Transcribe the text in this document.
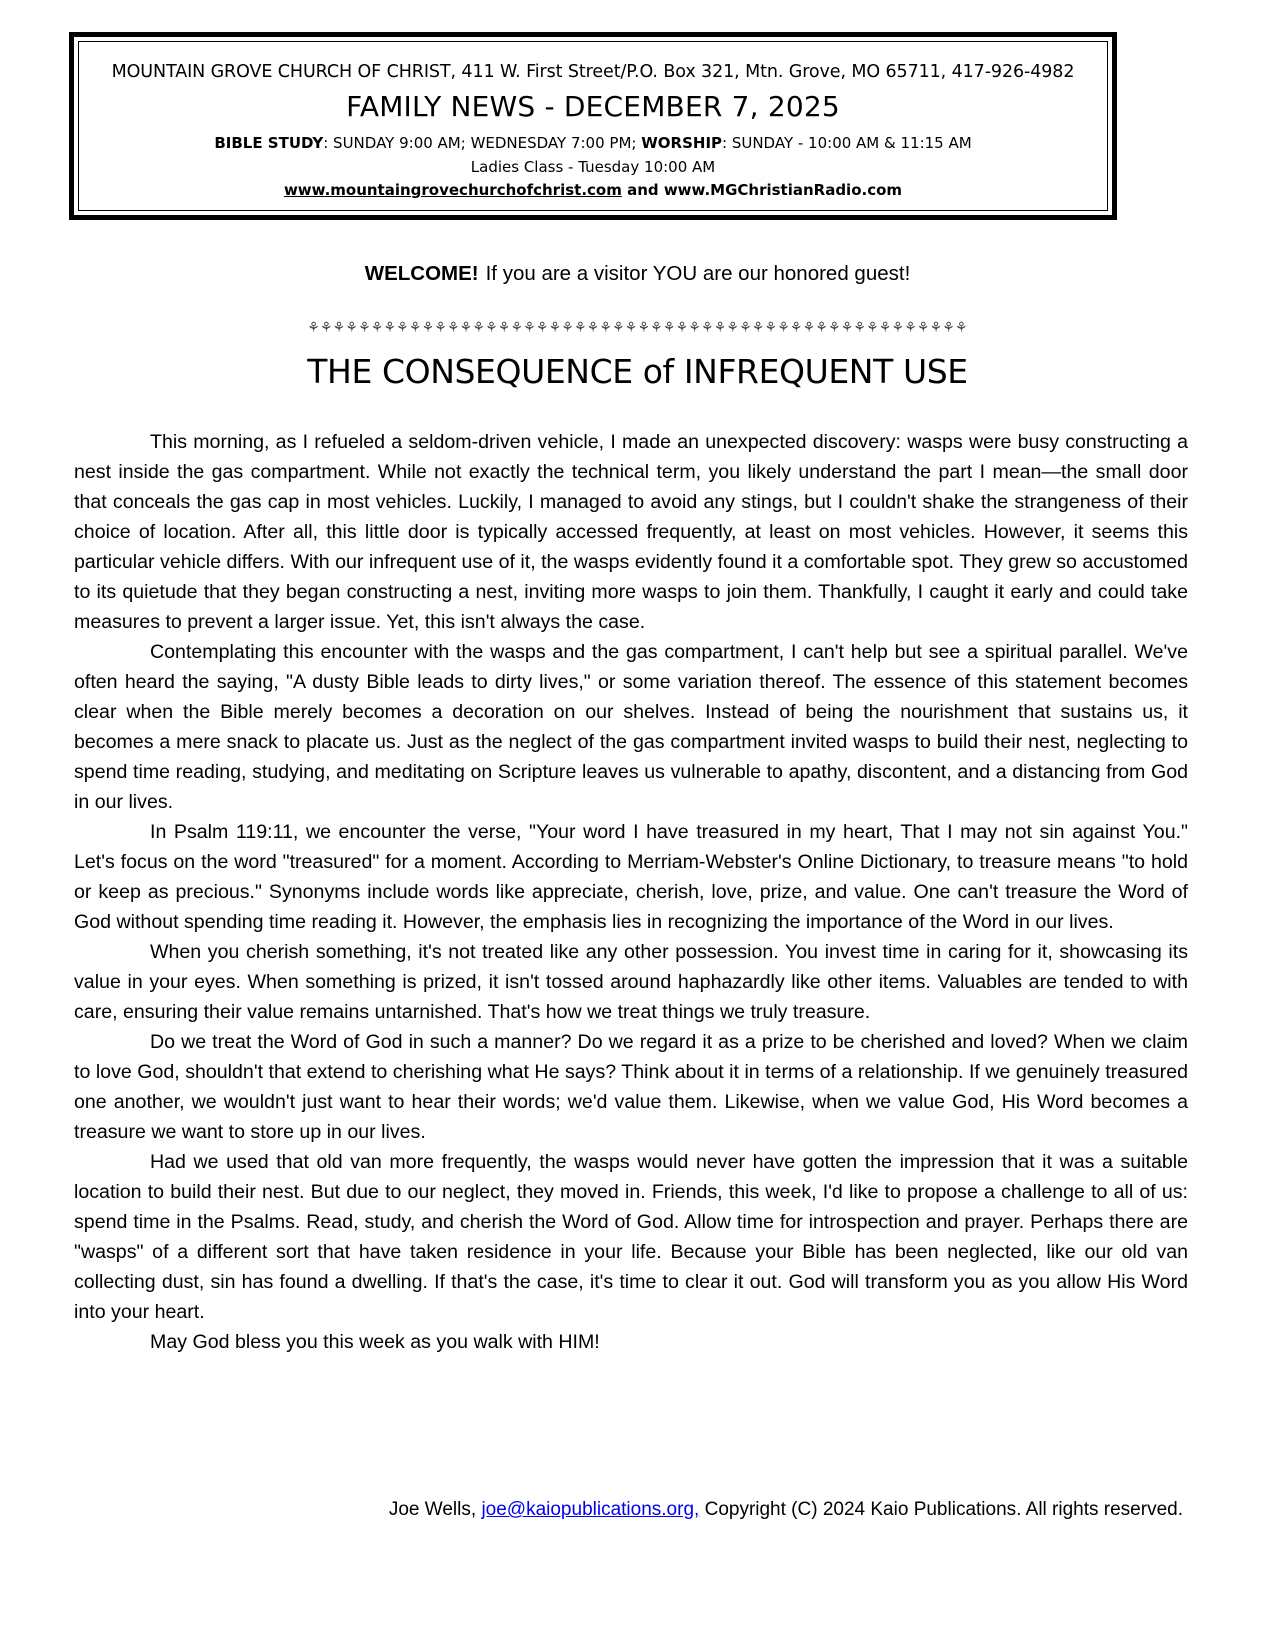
MOUNTAIN GROVE CHURCH OF CHRIST, 411 W. First Street/P.O. Box 321, Mtn. Grove, MO 65711, 417-926-4982
FAMILY NEWS - DECEMBER 7, 2025
BIBLE STUDY: SUNDAY 9:00 AM; WEDNESDAY 7:00 PM; WORSHIP: SUNDAY - 10:00 AM & 11:15 AM
Ladies Class - Tuesday 10:00 AM
www.mountaingrovechurchofchrist.com and www.MGChristianRadio.com
WELCOME! If you are a visitor YOU are our honored guest!
⚘⚘⚘⚘⚘⚘⚘⚘⚘⚘⚘⚘⚘⚘⚘⚘⚘⚘⚘⚘⚘⚘⚘⚘⚘⚘⚘⚘⚘⚘⚘⚘⚘⚘⚘⚘⚘⚘⚘⚘⚘⚘⚘⚘⚘⚘⚘⚘⚘⚘⚘⚘
THE CONSEQUENCE of INFREQUENT USE

This morning, as I refueled a seldom-driven vehicle, I made an unexpected discovery: wasps were busy constructing a nest inside the gas compartment. While not exactly the technical term, you likely understand the part I mean—the small door that conceals the gas cap in most vehicles. Luckily, I managed to avoid any stings, but I couldn't shake the strangeness of their choice of location. After all, this little door is typically accessed frequently, at least on most vehicles. However, it seems this particular vehicle differs. With our infrequent use of it, the wasps evidently found it a comfortable spot. They grew so accustomed to its quietude that they began constructing a nest, inviting more wasps to join them. Thankfully, I caught it early and could take measures to prevent a larger issue. Yet, this isn't always the case.

Contemplating this encounter with the wasps and the gas compartment, I can't help but see a spiritual parallel. We've often heard the saying, "A dusty Bible leads to dirty lives," or some variation thereof. The essence of this statement becomes clear when the Bible merely becomes a decoration on our shelves. Instead of being the nourishment that sustains us, it becomes a mere snack to placate us. Just as the neglect of the gas compartment invited wasps to build their nest, neglecting to spend time reading, studying, and meditating on Scripture leaves us vulnerable to apathy, discontent, and a distancing from God in our lives.

In Psalm 119:11, we encounter the verse, "Your word I have treasured in my heart, That I may not sin against You." Let's focus on the word "treasured" for a moment. According to Merriam-Webster's Online Dictionary, to treasure means "to hold or keep as precious." Synonyms include words like appreciate, cherish, love, prize, and value. One can't treasure the Word of God without spending time reading it. However, the emphasis lies in recognizing the importance of the Word in our lives.

When you cherish something, it's not treated like any other possession. You invest time in caring for it, showcasing its value in your eyes. When something is prized, it isn't tossed around haphazardly like other items. Valuables are tended to with care, ensuring their value remains untarnished. That's how we treat things we truly treasure.

Do we treat the Word of God in such a manner? Do we regard it as a prize to be cherished and loved? When we claim to love God, shouldn't that extend to cherishing what He says? Think about it in terms of a relationship. If we genuinely treasured one another, we wouldn't just want to hear their words; we'd value them. Likewise, when we value God, His Word becomes a treasure we want to store up in our lives.

Had we used that old van more frequently, the wasps would never have gotten the impression that it was a suitable location to build their nest. But due to our neglect, they moved in. Friends, this week, I'd like to propose a challenge to all of us: spend time in the Psalms. Read, study, and cherish the Word of God. Allow time for introspection and prayer. Perhaps there are "wasps" of a different sort that have taken residence in your life. Because your Bible has been neglected, like our old van collecting dust, sin has found a dwelling. If that's the case, it's time to clear it out. God will transform you as you allow His Word into your heart.

May God bless you this week as you walk with HIM!

Joe Wells, joe@kaiopublications.org, Copyright (C) 2024 Kaio Publications. All rights reserved.
